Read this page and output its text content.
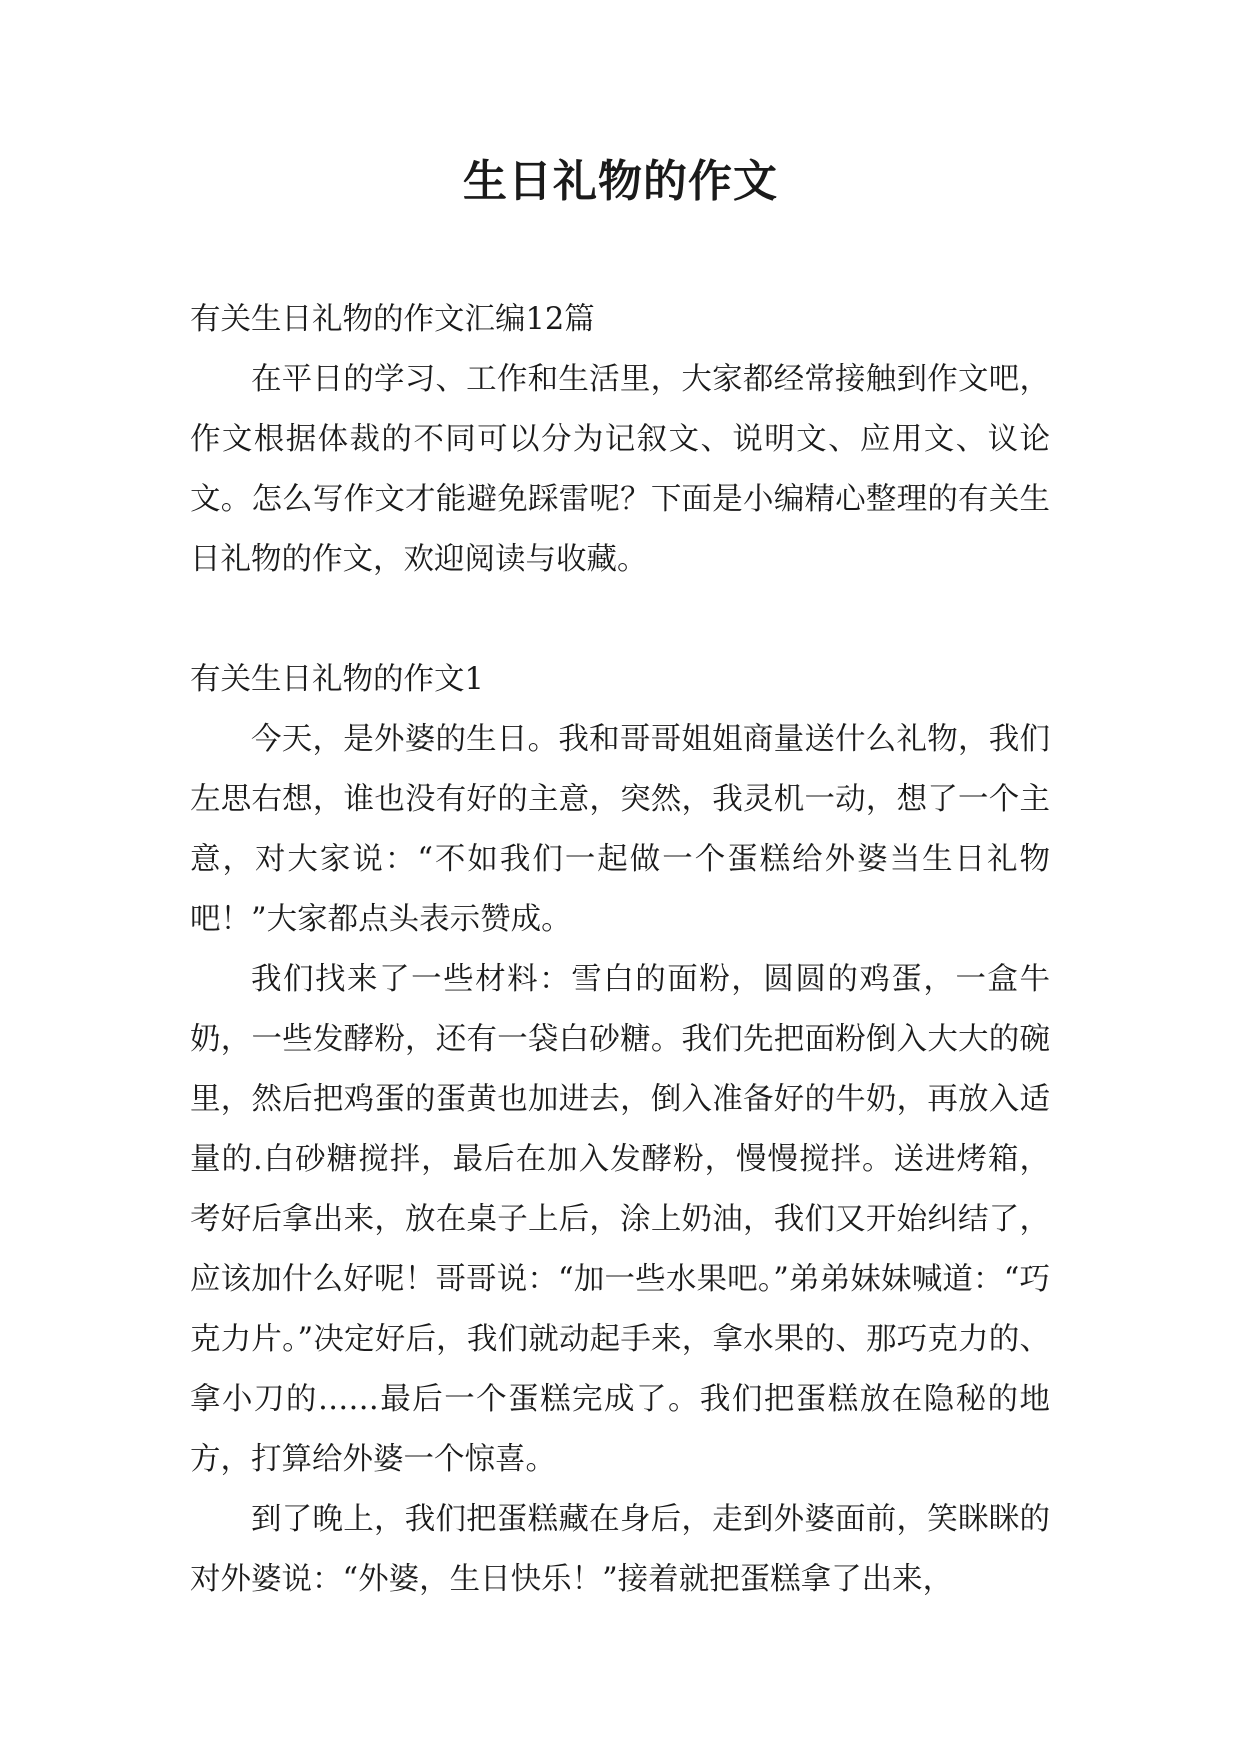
生日礼物的作文

有关生日礼物的作文汇编12篇

在平日的学习、工作和生活里，大家都经常接触到作文吧，作文根据体裁的不同可以分为记叙文、说明文、应用文、议论文。怎么写作文才能避免踩雷呢？下面是小编精心整理的有关生日礼物的作文，欢迎阅读与收藏。

有关生日礼物的作文1

今天，是外婆的生日。我和哥哥姐姐商量送什么礼物，我们左思右想，谁也没有好的主意，突然，我灵机一动，想了一个主意，对大家说：“不如我们一起做一个蛋糕给外婆当生日礼物吧！”大家都点头表示赞成。

我们找来了一些材料：雪白的面粉，圆圆的鸡蛋，一盒牛奶，一些发酵粉，还有一袋白砂糖。我们先把面粉倒入大大的碗里，然后把鸡蛋的蛋黄也加进去，倒入准备好的牛奶，再放入适量的.白砂糖搅拌，最后在加入发酵粉，慢慢搅拌。送进烤箱，考好后拿出来，放在桌子上后，涂上奶油，我们又开始纠结了，应该加什么好呢！哥哥说：“加一些水果吧。”弟弟妹妹喊道：“巧克力片。”决定好后，我们就动起手来，拿水果的、那巧克力的、拿小刀的……最后一个蛋糕完成了。我们把蛋糕放在隐秘的地方，打算给外婆一个惊喜。

到了晚上，我们把蛋糕藏在身后，走到外婆面前，笑眯眯的对外婆说：“外婆，生日快乐！”接着就把蛋糕拿了出来，
